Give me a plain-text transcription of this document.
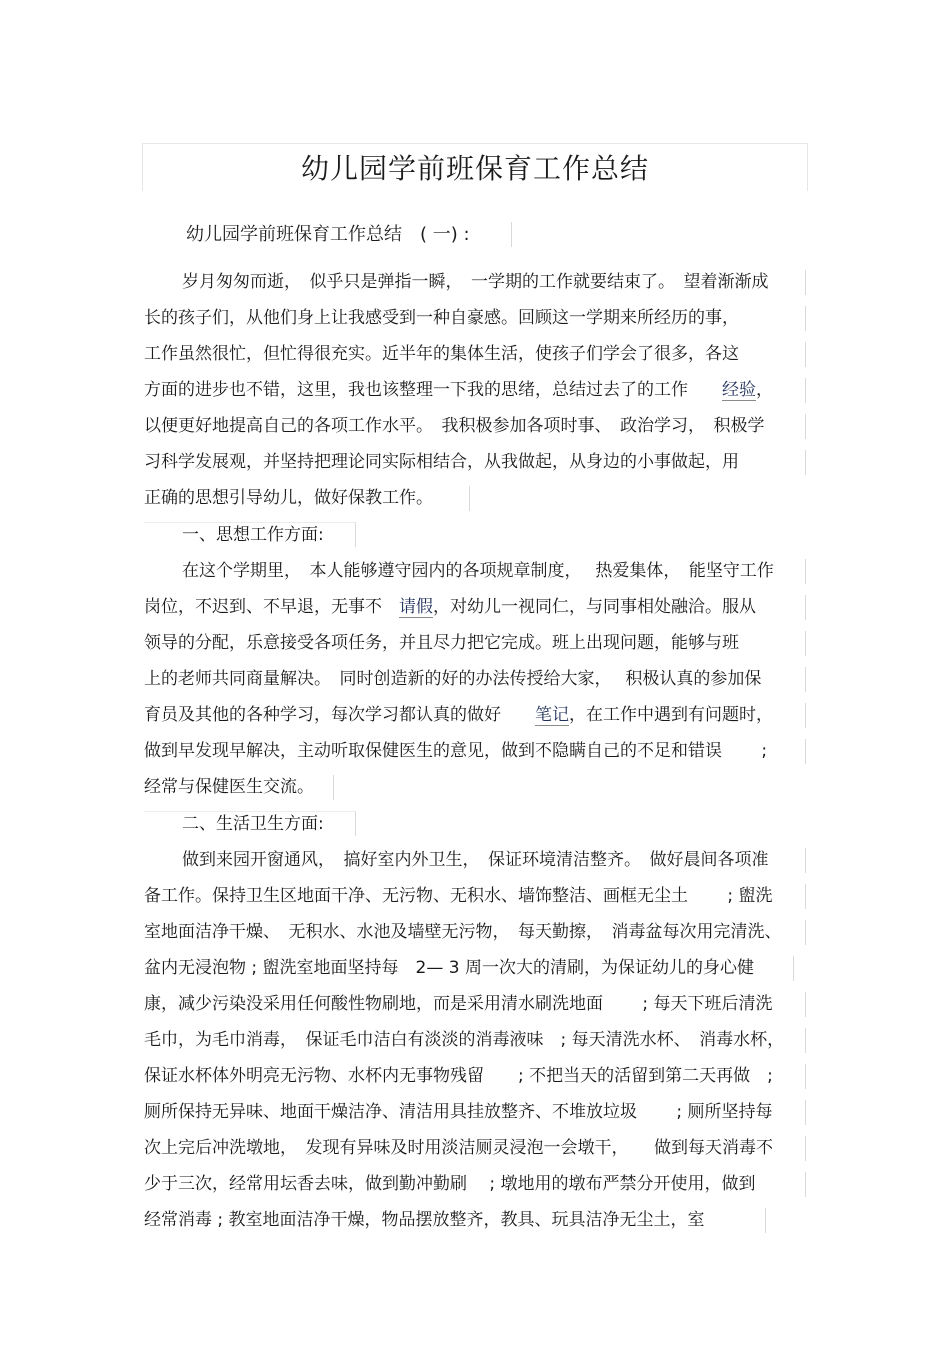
幼儿园学前班保育工作总结
幼儿园学前班保育工作总结　( 一) :
岁月匆匆而逝，　似乎只是弹指一瞬，　一学期的工作就要结束了。　望着渐渐成
长的孩子们，从他们身上让我感受到一种自豪感。回顾这一学期来所经历的事，
工作虽然很忙，但忙得很充实。近半年的集体生活，使孩子们学会了很多，各这
方面的进步也不错，这里，我也该整理一下我的思绪，总结过去了的工作　　经验，
以便更好地提高自己的各项工作水平。　我积极参加各项时事、　政治学习，　积极学
习科学发展观，并坚持把理论同实际相结合，从我做起，从身边的小事做起，用
正确的思想引导幼儿，做好保教工作。
一、思想工作方面:
在这个学期里，　本人能够遵守园内的各项规章制度，　 热爱集体，　能坚守工作
岗位，不迟到、不早退，无事不　请假，对幼儿一视同仁，与同事相处融洽。服从
领导的分配，乐意接受各项任务，并且尽力把它完成。班上出现问题，能够与班
上的老师共同商量解决。　同时创造新的好的办法传授给大家，　 积极认真的参加保
育员及其他的各种学习，每次学习都认真的做好　　笔记，在工作中遇到有问题时，
做到早发现早解决，主动听取保健医生的意见，做到不隐瞒自己的不足和错误　　 ;
经常与保健医生交流。
二、生活卫生方面:
做到来园开窗通风，　搞好室内外卫生，　保证环境清洁整齐。　做好晨间各项准
备工作。保持卫生区地面干净、无污物、无积水、墙饰整洁、画框无尘土　　 ; 盥洗
室地面洁净干燥、　无积水、水池及墙壁无污物，　每天勤擦，　消毒盆每次用完清洗、
盆内无浸泡物 ; 盥洗室地面坚持每　2— 3 周一次大的清刷，为保证幼儿的身心健
康，减少污染没采用任何酸性物刷地，而是采用清水刷洗地面　　 ; 每天下班后清洗
毛巾，为毛巾消毒，　保证毛巾洁白有淡淡的消毒液味　; 每天清洗水杯、　消毒水杯，
保证水杯体外明亮无污物、水杯内无事物残留　　; 不把当天的活留到第二天再做　;
厕所保持无异味、地面干燥洁净、清洁用具挂放整齐、不堆放垃圾　　 ; 厕所坚持每
次上完后冲洗墩地，　发现有异味及时用淡洁厕灵浸泡一会墩干，　　做到每天消毒不
少于三次，经常用坛香去味，做到勤冲勤刷　 ; 墩地用的墩布严禁分开使用，做到
经常消毒 ; 教室地面洁净干燥，物品摆放整齐，教具、玩具洁净无尘土，室
